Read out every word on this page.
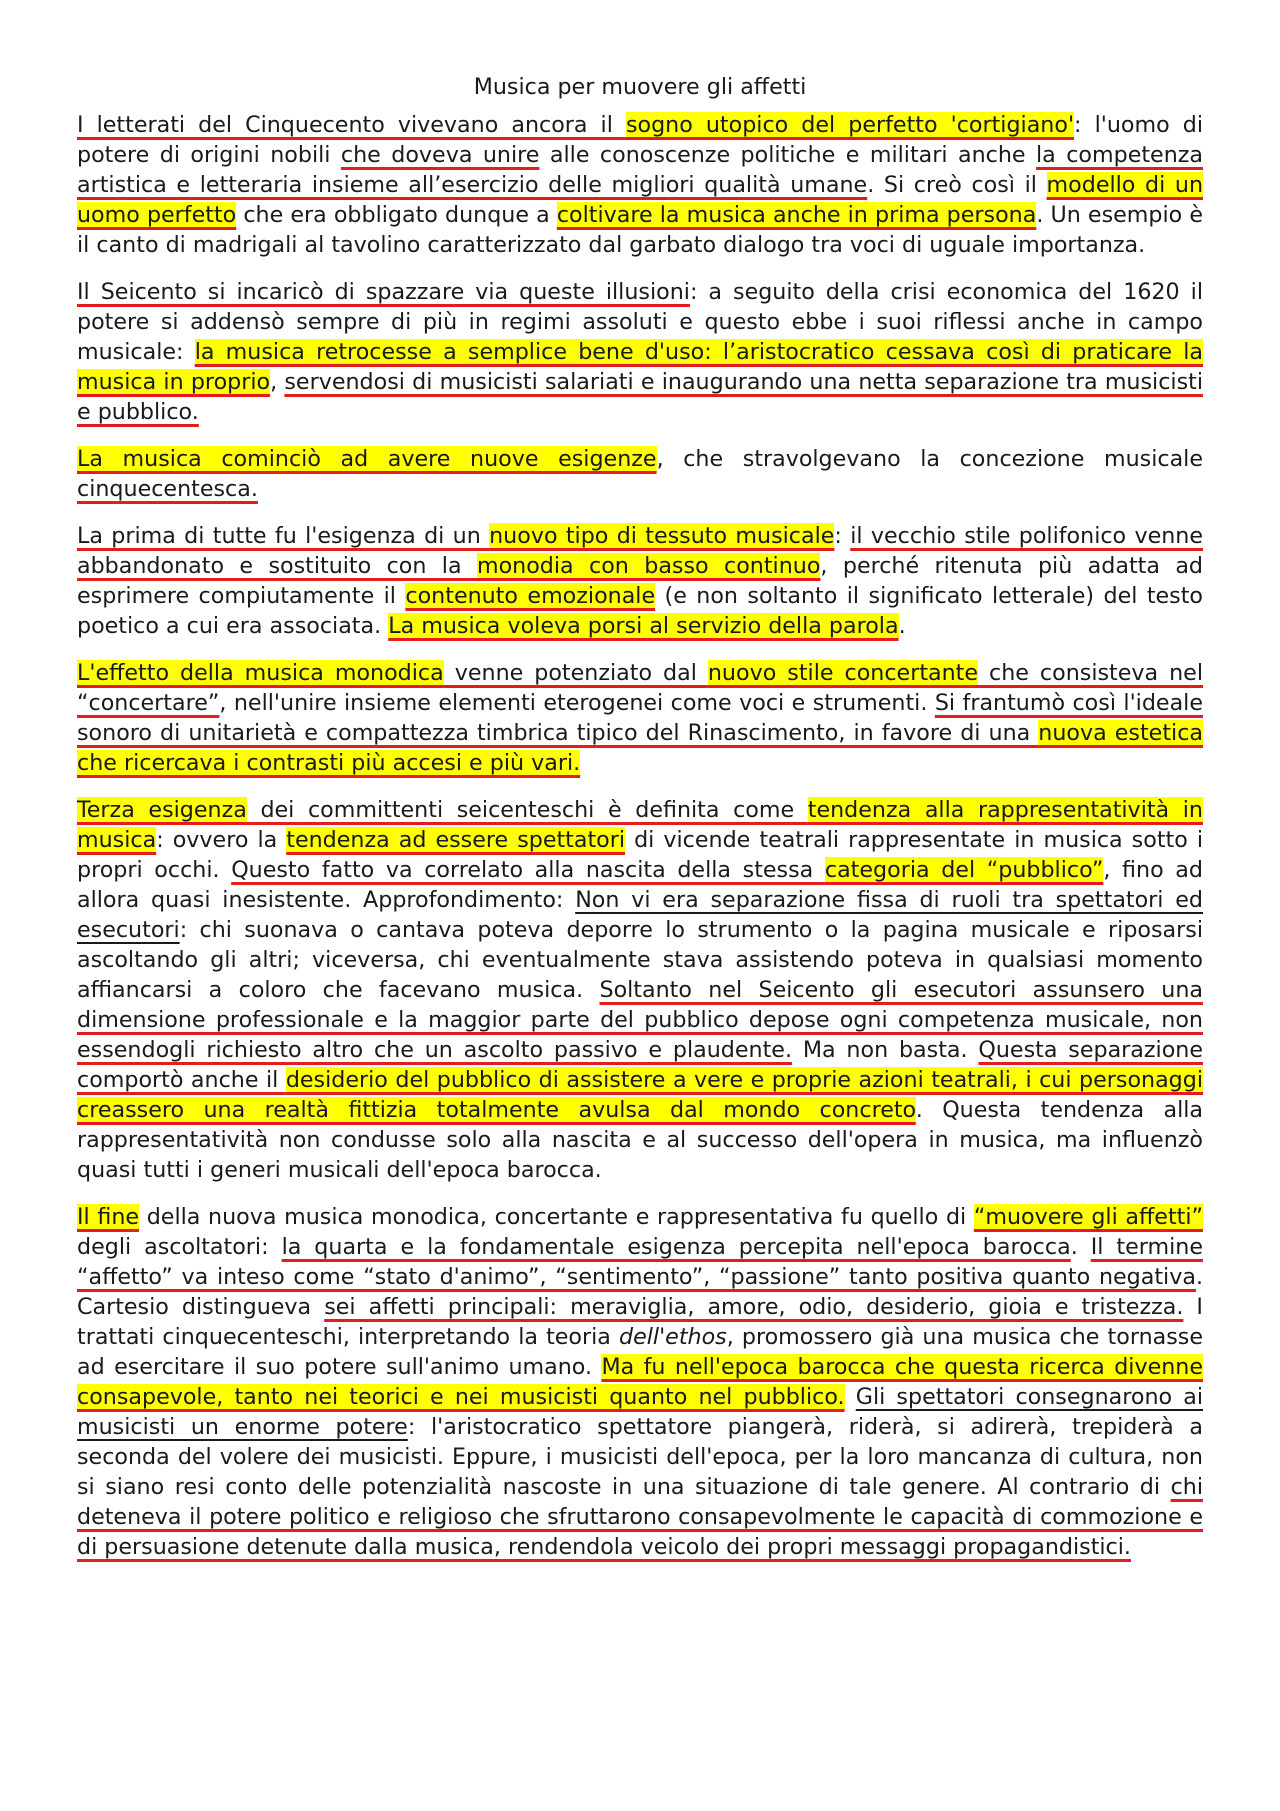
Musica per muovere gli affetti

I letterati del Cinquecento vivevano ancora il sogno utopico del perfetto 'cortigiano': l'uomo di potere di origini nobili che doveva unire alle conoscenze politiche e militari anche la competenza artistica e letteraria insieme all’esercizio delle migliori qualità umane. Si creò così il modello di un uomo perfetto che era obbligato dunque a coltivare la musica anche in prima persona. Un esempio è il canto di madrigali al tavolino caratterizzato dal garbato dialogo tra voci di uguale importanza.

Il Seicento si incaricò di spazzare via queste illusioni: a seguito della crisi economica del 1620 il potere si addensò sempre di più in regimi assoluti e questo ebbe i suoi riflessi anche in campo musicale: la musica retrocesse a semplice bene d'uso: l’aristocratico cessava così di praticare la musica in proprio, servendosi di musicisti salariati e inaugurando una netta separazione tra musicisti e pubblico.

La musica cominciò ad avere nuove esigenze, che stravolgevano la concezione musicale cinquecentesca.

La prima di tutte fu l'esigenza di un nuovo tipo di tessuto musicale: il vecchio stile polifonico venne abbandonato e sostituito con la monodia con basso continuo, perché ritenuta più adatta ad esprimere compiutamente il contenuto emozionale (e non soltanto il significato letterale) del testo poetico a cui era associata. La musica voleva porsi al servizio della parola.

L'effetto della musica monodica venne potenziato dal nuovo stile concertante che consisteva nel “concertare”, nell'unire insieme elementi eterogenei come voci e strumenti. Si frantumò così l'ideale sonoro di unitarietà e compattezza timbrica tipico del Rinascimento, in favore di una nuova estetica che ricercava i contrasti più accesi e più vari.

Terza esigenza dei committenti seicenteschi è definita come tendenza alla rappresentatività in musica: ovvero la tendenza ad essere spettatori di vicende teatrali rappresentate in musica sotto i propri occhi. Questo fatto va correlato alla nascita della stessa categoria del “pubblico”, fino ad allora quasi inesistente. Approfondimento: Non vi era separazione fissa di ruoli tra spettatori ed esecutori: chi suonava o cantava poteva deporre lo strumento o la pagina musicale e riposarsi ascoltando gli altri; viceversa, chi eventualmente stava assistendo poteva in qualsiasi momento affiancarsi a coloro che facevano musica. Soltanto nel Seicento gli esecutori assunsero una dimensione professionale e la maggior parte del pubblico depose ogni competenza musicale, non essendogli richiesto altro che un ascolto passivo e plaudente. Ma non basta. Questa separazione comportò anche il desiderio del pubblico di assistere a vere e proprie azioni teatrali, i cui personaggi creassero una realtà fittizia totalmente avulsa dal mondo concreto. Questa tendenza alla rappresentatività non condusse solo alla nascita e al successo dell'opera in musica, ma influenzò quasi tutti i generi musicali dell'epoca barocca.

Il fine della nuova musica monodica, concertante e rappresentativa fu quello di “muovere gli affetti” degli ascoltatori: la quarta e la fondamentale esigenza percepita nell'epoca barocca. Il termine “affetto” va inteso come “stato d'animo”, “sentimento”, “passione” tanto positiva quanto negativa. Cartesio distingueva sei affetti principali: meraviglia, amore, odio, desiderio, gioia e tristezza. I trattati cinquecenteschi, interpretando la teoria dell'ethos, promossero già una musica che tornasse ad esercitare il suo potere sull'animo umano. Ma fu nell'epoca barocca che questa ricerca divenne consapevole, tanto nei teorici e nei musicisti quanto nel pubblico. Gli spettatori consegnarono ai musicisti un enorme potere: l'aristocratico spettatore piangerà, riderà, si adirerà, trepiderà a seconda del volere dei musicisti. Eppure, i musicisti dell'epoca, per la loro mancanza di cultura, non si siano resi conto delle potenzialità nascoste in una situazione di tale genere. Al contrario di chi deteneva il potere politico e religioso che sfruttarono consapevolmente le capacità di commozione e di persuasione detenute dalla musica, rendendola veicolo dei propri messaggi propagandistici.
